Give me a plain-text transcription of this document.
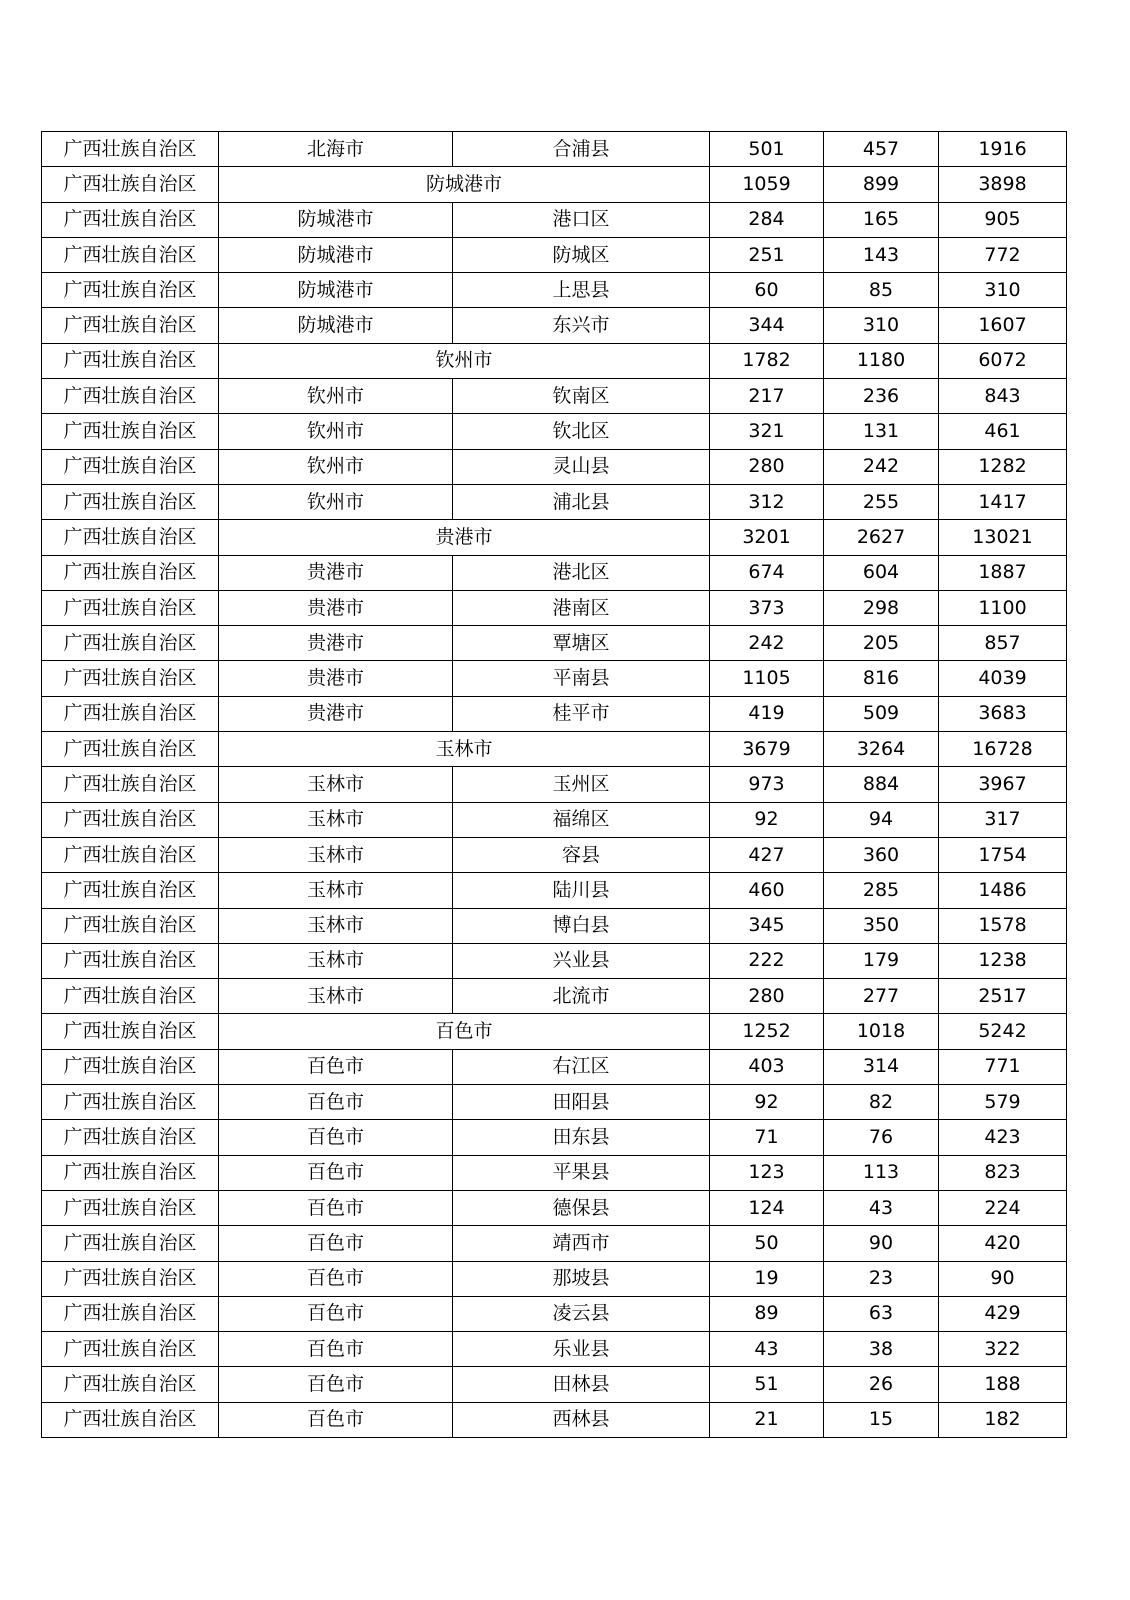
广西壮族自治区	北海市	合浦县	501	457	1916
广西壮族自治区	防城港市		1059	899	3898
广西壮族自治区	防城港市	港口区	284	165	905
广西壮族自治区	防城港市	防城区	251	143	772
广西壮族自治区	防城港市	上思县	60	85	310
广西壮族自治区	防城港市	东兴市	344	310	1607
广西壮族自治区	钦州市		1782	1180	6072
广西壮族自治区	钦州市	钦南区	217	236	843
广西壮族自治区	钦州市	钦北区	321	131	461
广西壮族自治区	钦州市	灵山县	280	242	1282
广西壮族自治区	钦州市	浦北县	312	255	1417
广西壮族自治区	贵港市		3201	2627	13021
广西壮族自治区	贵港市	港北区	674	604	1887
广西壮族自治区	贵港市	港南区	373	298	1100
广西壮族自治区	贵港市	覃塘区	242	205	857
广西壮族自治区	贵港市	平南县	1105	816	4039
广西壮族自治区	贵港市	桂平市	419	509	3683
广西壮族自治区	玉林市		3679	3264	16728
广西壮族自治区	玉林市	玉州区	973	884	3967
广西壮族自治区	玉林市	福绵区	92	94	317
广西壮族自治区	玉林市	容县	427	360	1754
广西壮族自治区	玉林市	陆川县	460	285	1486
广西壮族自治区	玉林市	博白县	345	350	1578
广西壮族自治区	玉林市	兴业县	222	179	1238
广西壮族自治区	玉林市	北流市	280	277	2517
广西壮族自治区	百色市		1252	1018	5242
广西壮族自治区	百色市	右江区	403	314	771
广西壮族自治区	百色市	田阳县	92	82	579
广西壮族自治区	百色市	田东县	71	76	423
广西壮族自治区	百色市	平果县	123	113	823
广西壮族自治区	百色市	德保县	124	43	224
广西壮族自治区	百色市	靖西市	50	90	420
广西壮族自治区	百色市	那坡县	19	23	90
广西壮族自治区	百色市	凌云县	89	63	429
广西壮族自治区	百色市	乐业县	43	38	322
广西壮族自治区	百色市	田林县	51	26	188
广西壮族自治区	百色市	西林县	21	15	182
